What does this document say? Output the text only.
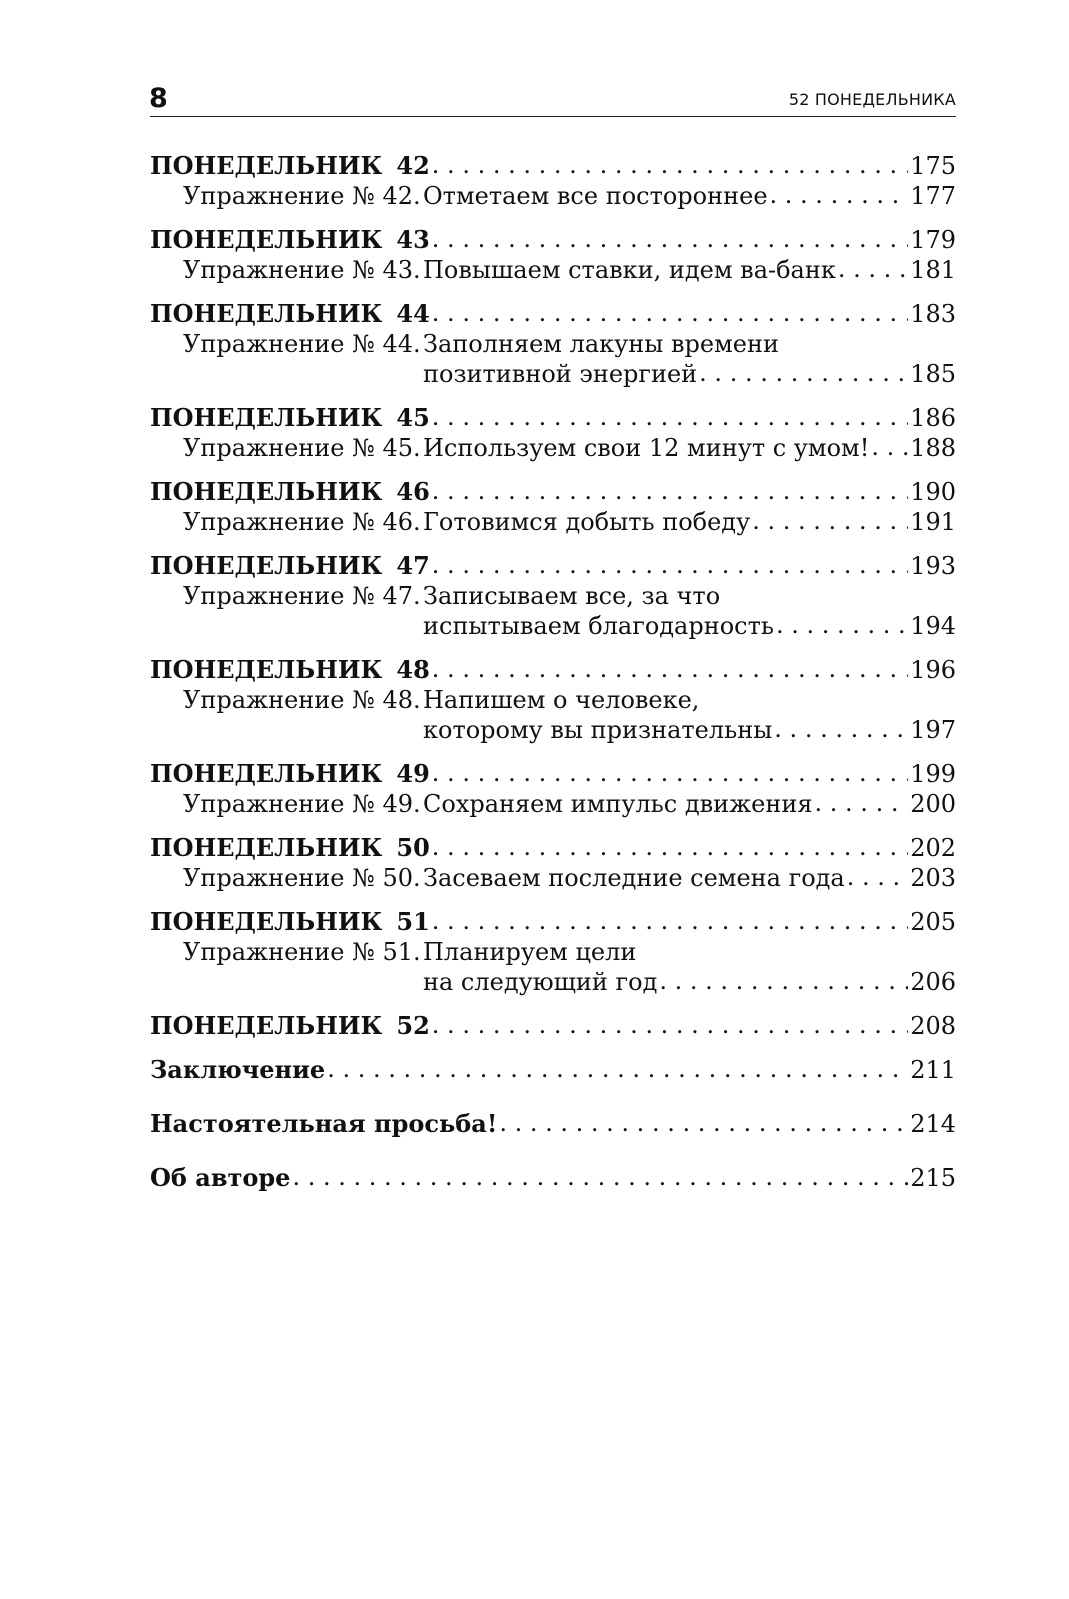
8	52 ПОНЕДЕЛЬНИКА
ПОНЕДЕЛЬНИК 42 . . .	175
Упражнение № 42.Отметаем все постороннее . . .	177
ПОНЕДЕЛЬНИК 43 . . .	179
Упражнение № 43.Повышаем ставки, идем ва-банк . . .	181
ПОНЕДЕЛЬНИК 44 . . .	183
Упражнение № 44.Заполняем лакуны времени
позитивной энергией . . .	185
ПОНЕДЕЛЬНИК 45 . . .	186
Упражнение № 45.Используем свои 12 минут с умом! . . . 188
ПОНЕДЕЛЬНИК 46 . . .	190
Упражнение № 46.Готовимся добыть победу . . .	191
ПОНЕДЕЛЬНИК 47 . . .	193
Упражнение № 47.Записываем все, за что
испытываем благодарность . . .	194
ПОНЕДЕЛЬНИК 48 . . .	196
Упражнение № 48.Напишем о человеке,
которому вы признательны . . .	197
ПОНЕДЕЛЬНИК 49 . . .	199
Упражнение № 49.Сохраняем импульс движения . . .	200
ПОНЕДЕЛЬНИК 50 . . .	202
Упражнение № 50.Засеваем последние семена года . . .	203
ПОНЕДЕЛЬНИК 51 . . .	205
Упражнение № 51.Планируем цели
на следующий год . . .	206
ПОНЕДЕЛЬНИК 52 . . .	208
Заключение . . .	211
Настоятельная просьба! . . .	214
Об авторе . . .	215
